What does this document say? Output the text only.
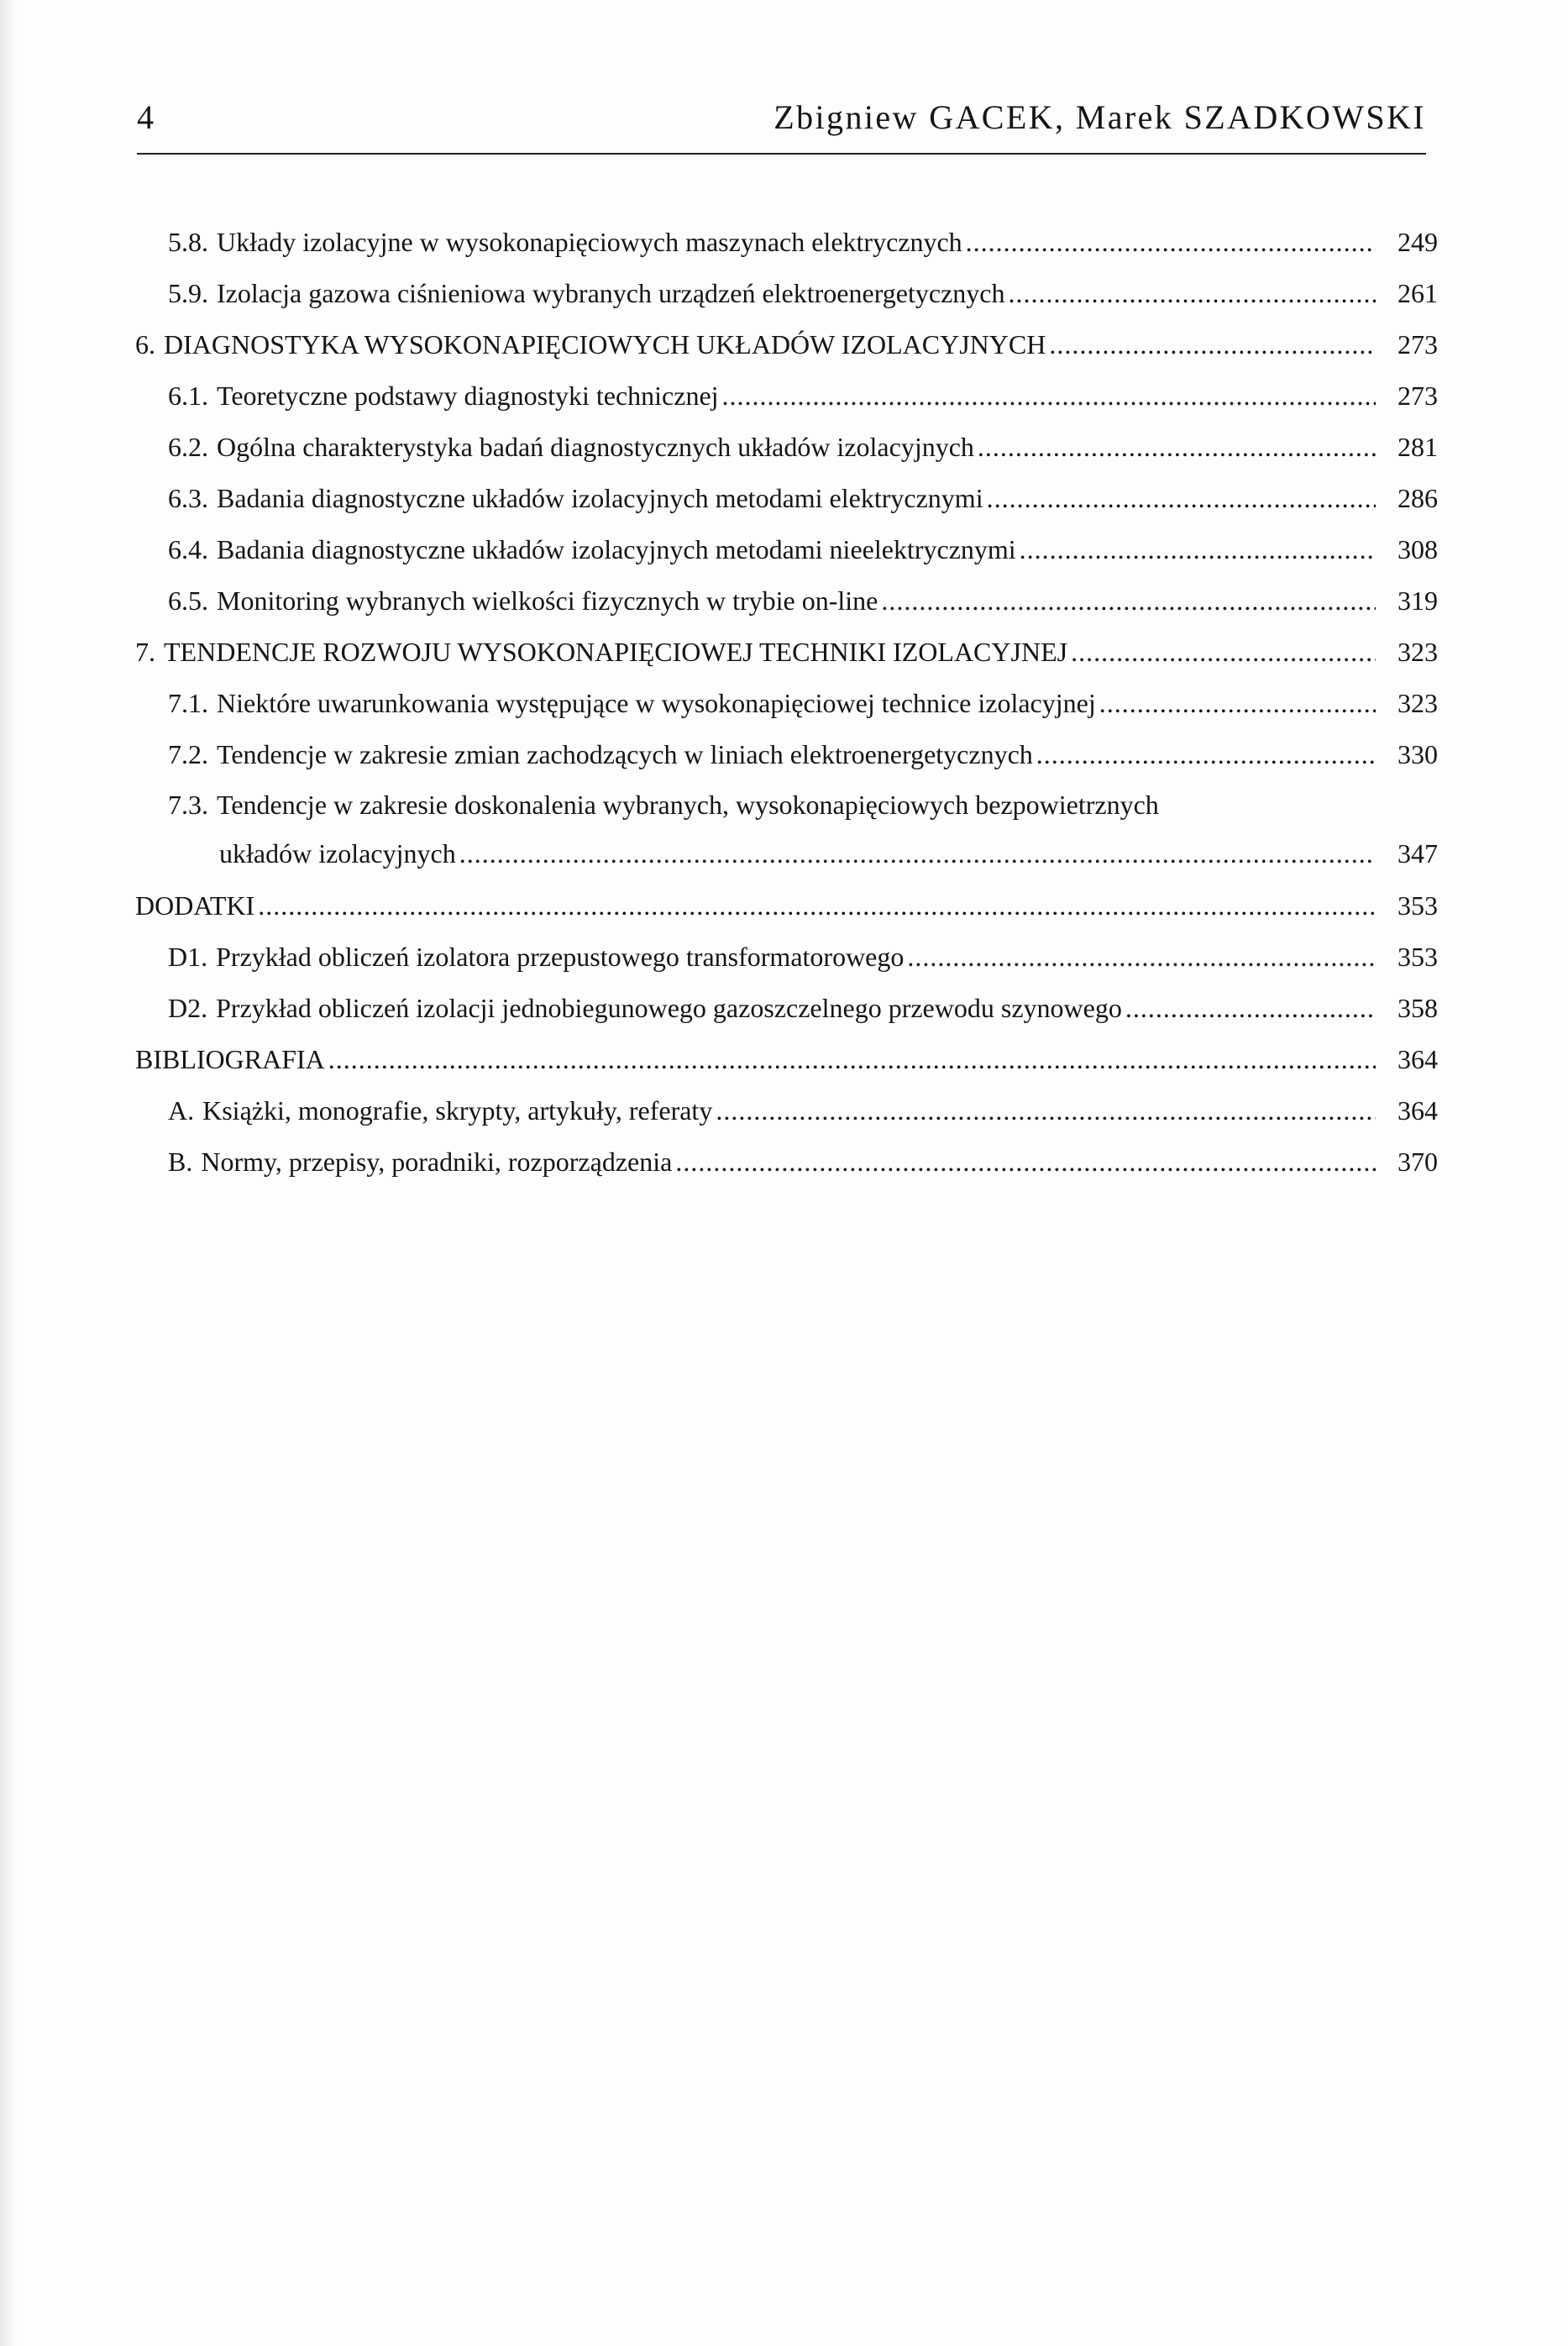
4	Zbigniew GACEK, Marek SZADKOWSKI
5.8. Układy izolacyjne w wysokonapięciowych maszynach elektrycznych .....	249
5.9. Izolacja gazowa ciśnieniowa wybranych urządzeń elektroenergetycznych .....	261
6. DIAGNOSTYKA WYSOKONAPIĘCIOWYCH UKŁADÓW IZOLACYJNYCH .....	273
6.1. Teoretyczne podstawy diagnostyki technicznej .....	273
6.2. Ogólna charakterystyka badań diagnostycznych układów izolacyjnych .....	281
6.3. Badania diagnostyczne układów izolacyjnych metodami elektrycznymi .....	286
6.4. Badania diagnostyczne układów izolacyjnych metodami nieelektrycznymi .....	308
6.5. Monitoring wybranych wielkości fizycznych w trybie on-line .....	319
7. TENDENCJE ROZWOJU WYSOKONAPIĘCIOWEJ TECHNIKI IZOLACYJNEJ .....	323
7.1. Niektóre uwarunkowania występujące w wysokonapięciowej technice izolacyjnej .....	323
7.2. Tendencje w zakresie zmian zachodzących w liniach elektroenergetycznych .....	330
7.3. Tendencje w zakresie doskonalenia wybranych, wysokonapięciowych bezpowietrznych
układów izolacyjnych .....	347
DODATKI .....	353
D1. Przykład obliczeń izolatora przepustowego transformatorowego .....	353
D2. Przykład obliczeń izolacji jednobiegunowego gazoszczelnego przewodu szynowego .....	358
BIBLIOGRAFIA .....	364
A. Książki, monografie, skrypty, artykuły, referaty .....	364
B. Normy, przepisy, poradniki, rozporządzenia .....	370
